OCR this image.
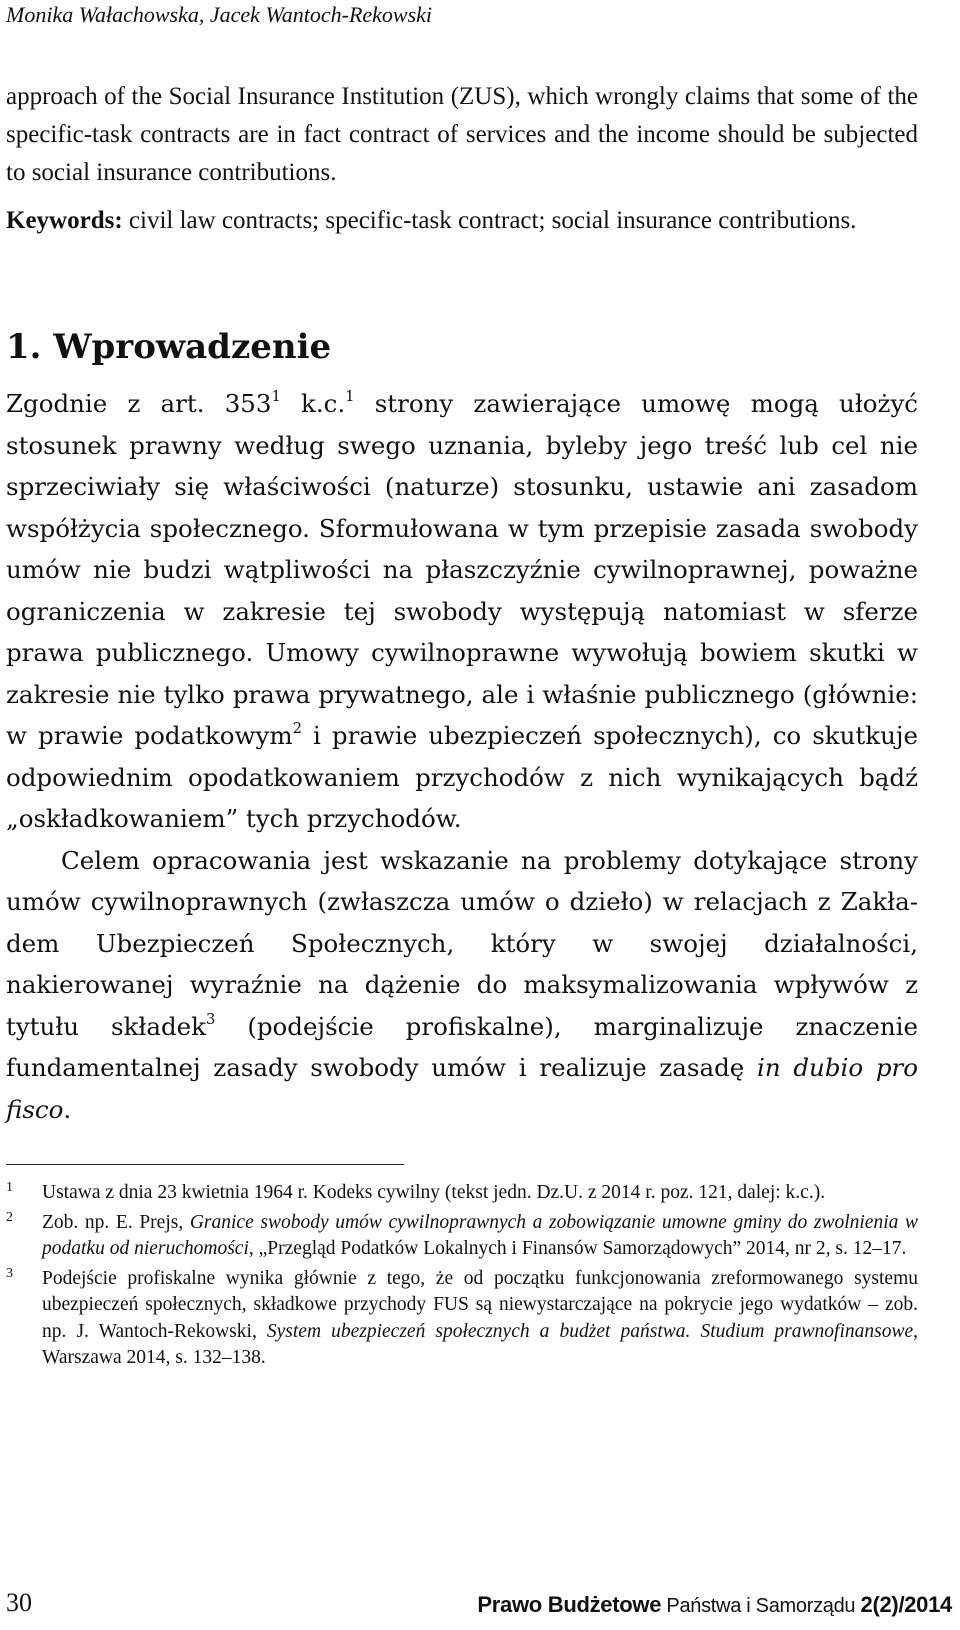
Monika Wałachowska, Jacek Wantoch-Rekowski

approach of the Social Insurance Institution (ZUS), which wrongly claims that some of the specific-task contracts are in fact contract of services and the income should be subjected to social insurance contributions.

Keywords: civil law contracts; specific-task contract; social insurance contributions.

1. Wprowadzenie

Zgodnie z art. $353^1$ k.c.$^1$ strony zawierające umowę mogą ułożyć stosunek prawny według swego uznania, byleby jego treść lub cel nie sprzeciwiały się właściwości (naturze) stosunku, ustawie ani zasadom współżycia społecznego. Sformułowana w tym przepisie zasada swobody umów nie budzi wątpliwości na płaszczyźnie cywilnoprawnej, poważne ograniczenia w zakresie tej swobody występują natomiast w sferze prawa publicznego. Umowy cywilnoprawne wywołują bowiem skutki w zakresie nie tylko prawa prywatnego, ale i właśnie publicznego (głównie: w prawie podatkowym$^2$ i prawie ubezpieczeń społecznych), co skutkuje odpowiednim opodatkowaniem przychodów z nich wynikających bądź „oskładkowaniem” tych przychodów.

Celem opracowania jest wskazanie na problemy dotykające strony umów cywilnoprawnych (zwłaszcza umów o dzieło) w relacjach z Zakładem Ubezpieczeń Społecznych, który w swojej działalności, nakierowanej wyraźnie na dążenie do maksymalizowania wpływów z tytułu składek$^3$ (podejście profiskalne), marginalizuje znaczenie fundamentalnej zasady swobody umów i realizuje zasadę in dubio pro fisco.

1 Ustawa z dnia 23 kwietnia 1964 r. Kodeks cywilny (tekst jedn. Dz.U. z 2014 r. poz. 121, dalej: k.c.).
2 Zob. np. E. Prejs, Granice swobody umów cywilnoprawnych a zobowiązanie umowne gminy do zwolnienia w podatku od nieruchomości, „Przegląd Podatków Lokalnych i Finansów Samorządowych” 2014, nr 2, s. 12–17.
3 Podejście profiskalne wynika głównie z tego, że od początku funkcjonowania zreformowanego systemu ubezpieczeń społecznych, składkowe przychody FUS są niewystarczające na pokrycie jego wydatków – zob. np. J. Wantoch-Rekowski, System ubezpieczeń społecznych a budżet państwa. Studium prawnofinansowe, Warszawa 2014, s. 132–138.
30	Prawo Budżetowe Państwa i Samorządu 2(2)/2014
